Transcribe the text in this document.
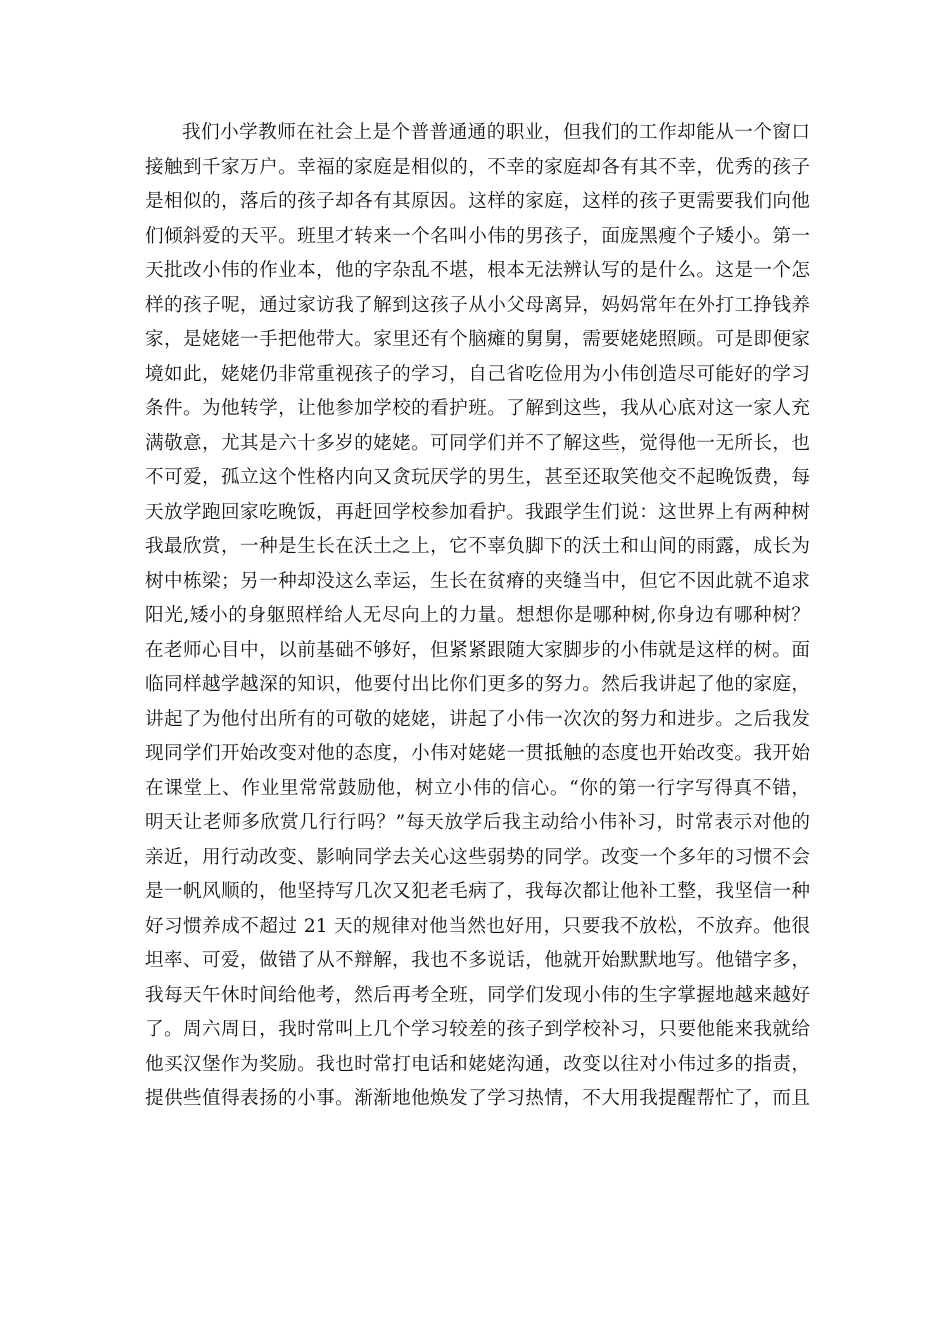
我们小学教师在社会上是个普普通通的职业，但我们的工作却能从一个窗口
接触到千家万户。幸福的家庭是相似的，不幸的家庭却各有其不幸，优秀的孩子
是相似的，落后的孩子却各有其原因。这样的家庭，这样的孩子更需要我们向他
们倾斜爱的天平。班里才转来一个名叫小伟的男孩子，面庞黑瘦个子矮小。第一
天批改小伟的作业本，他的字杂乱不堪，根本无法辨认写的是什么。这是一个怎
样的孩子呢，通过家访我了解到这孩子从小父母离异，妈妈常年在外打工挣钱养
家，是姥姥一手把他带大。家里还有个脑瘫的舅舅，需要姥姥照顾。可是即便家
境如此，姥姥仍非常重视孩子的学习，自己省吃俭用为小伟创造尽可能好的学习
条件。为他转学，让他参加学校的看护班。了解到这些，我从心底对这一家人充
满敬意，尤其是六十多岁的姥姥。可同学们并不了解这些，觉得他一无所长，也
不可爱，孤立这个性格内向又贪玩厌学的男生，甚至还取笑他交不起晚饭费，每
天放学跑回家吃晚饭，再赶回学校参加看护。我跟学生们说：这世界上有两种树
我最欣赏，一种是生长在沃土之上，它不辜负脚下的沃土和山间的雨露，成长为
树中栋梁；另一种却没这么幸运，生长在贫瘠的夹缝当中，但它不因此就不追求
阳光,矮小的身躯照样给人无尽向上的力量。想想你是哪种树,你身边有哪种树？
在老师心目中，以前基础不够好，但紧紧跟随大家脚步的小伟就是这样的树。面
临同样越学越深的知识，他要付出比你们更多的努力。然后我讲起了他的家庭，
讲起了为他付出所有的可敬的姥姥，讲起了小伟一次次的努力和进步。之后我发
现同学们开始改变对他的态度，小伟对姥姥一贯抵触的态度也开始改变。我开始
在课堂上、作业里常常鼓励他，树立小伟的信心。“你的第一行字写得真不错，
明天让老师多欣赏几行行吗？”每天放学后我主动给小伟补习，时常表示对他的
亲近，用行动改变、影响同学去关心这些弱势的同学。改变一个多年的习惯不会
是一帆风顺的，他坚持写几次又犯老毛病了，我每次都让他补工整，我坚信一种
好习惯养成不超过 21 天的规律对他当然也好用，只要我不放松，不放弃。他很
坦率、可爱，做错了从不辩解，我也不多说话，他就开始默默地写。他错字多，
我每天午休时间给他考，然后再考全班，同学们发现小伟的生字掌握地越来越好
了。周六周日，我时常叫上几个学习较差的孩子到学校补习，只要他能来我就给
他买汉堡作为奖励。我也时常打电话和姥姥沟通，改变以往对小伟过多的指责，
提供些值得表扬的小事。渐渐地他焕发了学习热情，不大用我提醒帮忙了，而且
